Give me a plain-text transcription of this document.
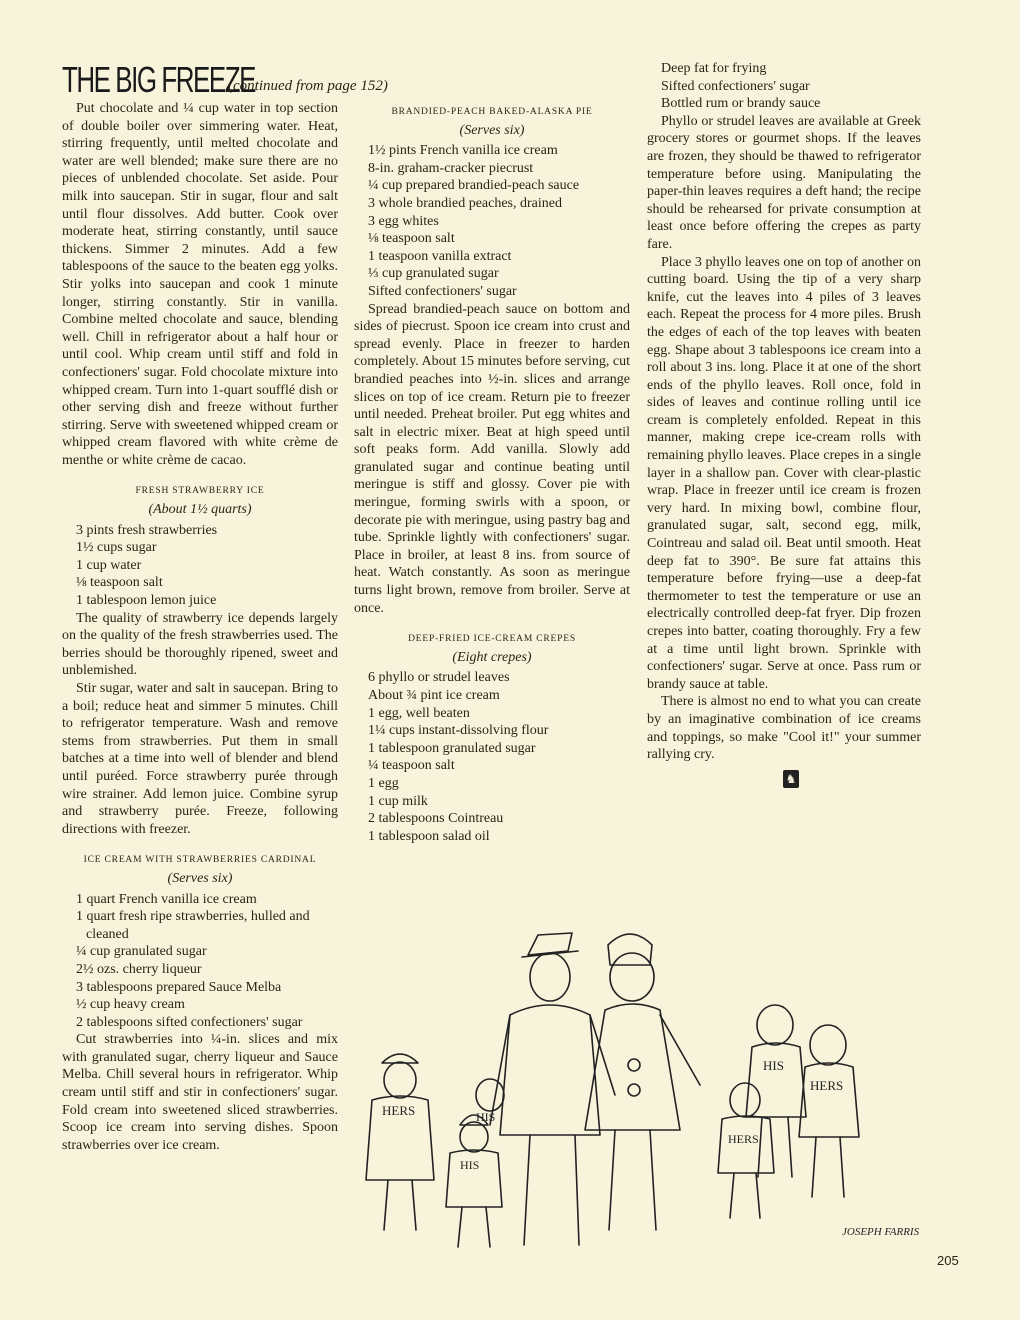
THE BIG FREEZE
(continued from page 152)

Put chocolate and ¼ cup water in top section of double boiler over simmering water. Heat, stirring frequently, until melted chocolate and water are well blended; make sure there are no pieces of unblended chocolate. Set aside. Pour milk into saucepan. Stir in sugar, flour and salt until flour dissolves. Add butter. Cook over moderate heat, stirring constantly, until sauce thickens. Simmer 2 minutes. Add a few tablespoons of the sauce to the beaten egg yolks. Stir yolks into saucepan and cook 1 minute longer, stirring constantly. Stir in vanilla. Combine melted chocolate and sauce, blending well. Chill in refrigerator about a half hour or until cool. Whip cream until stiff and fold in confectioners' sugar. Fold chocolate mixture into whipped cream. Turn into 1-quart soufflé dish or other serving dish and freeze without further stirring. Serve with sweetened whipped cream or whipped cream flavored with white crème de menthe or white crème de cacao.

FRESH STRAWBERRY ICE
(About 1½ quarts)
3 pints fresh strawberries
1½ cups sugar
1 cup water
⅛ teaspoon salt
1 tablespoon lemon juice

The quality of strawberry ice depends largely on the quality of the fresh strawberries used. The berries should be thoroughly ripened, sweet and unblemished.

Stir sugar, water and salt in saucepan. Bring to a boil; reduce heat and simmer 5 minutes. Chill to refrigerator temperature. Wash and remove stems from strawberries. Put them in small batches at a time into well of blender and blend until puréed. Force strawberry purée through wire strainer. Add lemon juice. Combine syrup and strawberry purée. Freeze, following directions with freezer.

ICE CREAM WITH STRAWBERRIES CARDINAL
(Serves six)
1 quart French vanilla ice cream
1 quart fresh ripe strawberries, hulled and cleaned
¼ cup granulated sugar
2½ ozs. cherry liqueur
3 tablespoons prepared Sauce Melba
½ cup heavy cream
2 tablespoons sifted confectioners' sugar

Cut strawberries into ¼-in. slices and mix with granulated sugar, cherry liqueur and Sauce Melba. Chill several hours in refrigerator. Whip cream until stiff and stir in confectioners' sugar. Fold cream into sweetened sliced strawberries. Scoop ice cream into serving dishes. Spoon strawberries over ice cream.

BRANDIED-PEACH BAKED-ALASKA PIE
(Serves six)
1½ pints French vanilla ice cream
8-in. graham-cracker piecrust
¼ cup prepared brandied-peach sauce
3 whole brandied peaches, drained
3 egg whites
⅛ teaspoon salt
1 teaspoon vanilla extract
⅓ cup granulated sugar
Sifted confectioners' sugar

Spread brandied-peach sauce on bottom and sides of piecrust. Spoon ice cream into crust and spread evenly. Place in freezer to harden completely. About 15 minutes before serving, cut brandied peaches into ½-in. slices and arrange slices on top of ice cream. Return pie to freezer until needed. Preheat broiler. Put egg whites and salt in electric mixer. Beat at high speed until soft peaks form. Add vanilla. Slowly add granulated sugar and continue beating until meringue is stiff and glossy. Cover pie with meringue, forming swirls with a spoon, or decorate pie with meringue, using pastry bag and tube. Sprinkle lightly with confectioners' sugar. Place in broiler, at least 8 ins. from source of heat. Watch constantly. As soon as meringue turns light brown, remove from broiler. Serve at once.

DEEP-FRIED ICE-CREAM CREPES
(Eight crepes)
6 phyllo or strudel leaves
About ¾ pint ice cream
1 egg, well beaten
1¼ cups instant-dissolving flour
1 tablespoon granulated sugar
¼ teaspoon salt
1 egg
1 cup milk
2 tablespoons Cointreau
1 tablespoon salad oil
Deep fat for frying
Sifted confectioners' sugar
Bottled rum or brandy sauce

Phyllo or strudel leaves are available at Greek grocery stores or gourmet shops. If the leaves are frozen, they should be thawed to refrigerator temperature before using. Manipulating the paper-thin leaves requires a deft hand; the recipe should be rehearsed for private consumption at least once before offering the crepes as party fare.

Place 3 phyllo leaves one on top of another on cutting board. Using the tip of a very sharp knife, cut the leaves into 4 piles of 3 leaves each. Repeat the process for 4 more piles. Brush the edges of each of the top leaves with beaten egg. Shape about 3 tablespoons ice cream into a roll about 3 ins. long. Place it at one of the short ends of the phyllo leaves. Roll once, fold in sides of leaves and continue rolling until ice cream is completely enfolded. Repeat in this manner, making crepe ice-cream rolls with remaining phyllo leaves. Place crepes in a single layer in a shallow pan. Cover with clear-plastic wrap. Place in freezer until ice cream is frozen very hard. In mixing bowl, combine flour, granulated sugar, salt, second egg, milk, Cointreau and salad oil. Beat until smooth. Heat deep fat to 390°. Be sure fat attains this temperature before frying—use a deep-fat thermometer to test the temperature or use an electrically controlled deep-fat fryer. Dip frozen crepes into batter, coating thoroughly. Fry a few at a time until light brown. Sprinkle with confectioners' sugar. Serve at once. Pass rum or brandy sauce at table.

There is almost no end to what you can create by an imaginative combination of ice creams and toppings, so make "Cool it!" your summer rallying cry.

♞
HERS
HIS
HIS
HIS
HERS
HERS
JOSEPH FARRIS
205
